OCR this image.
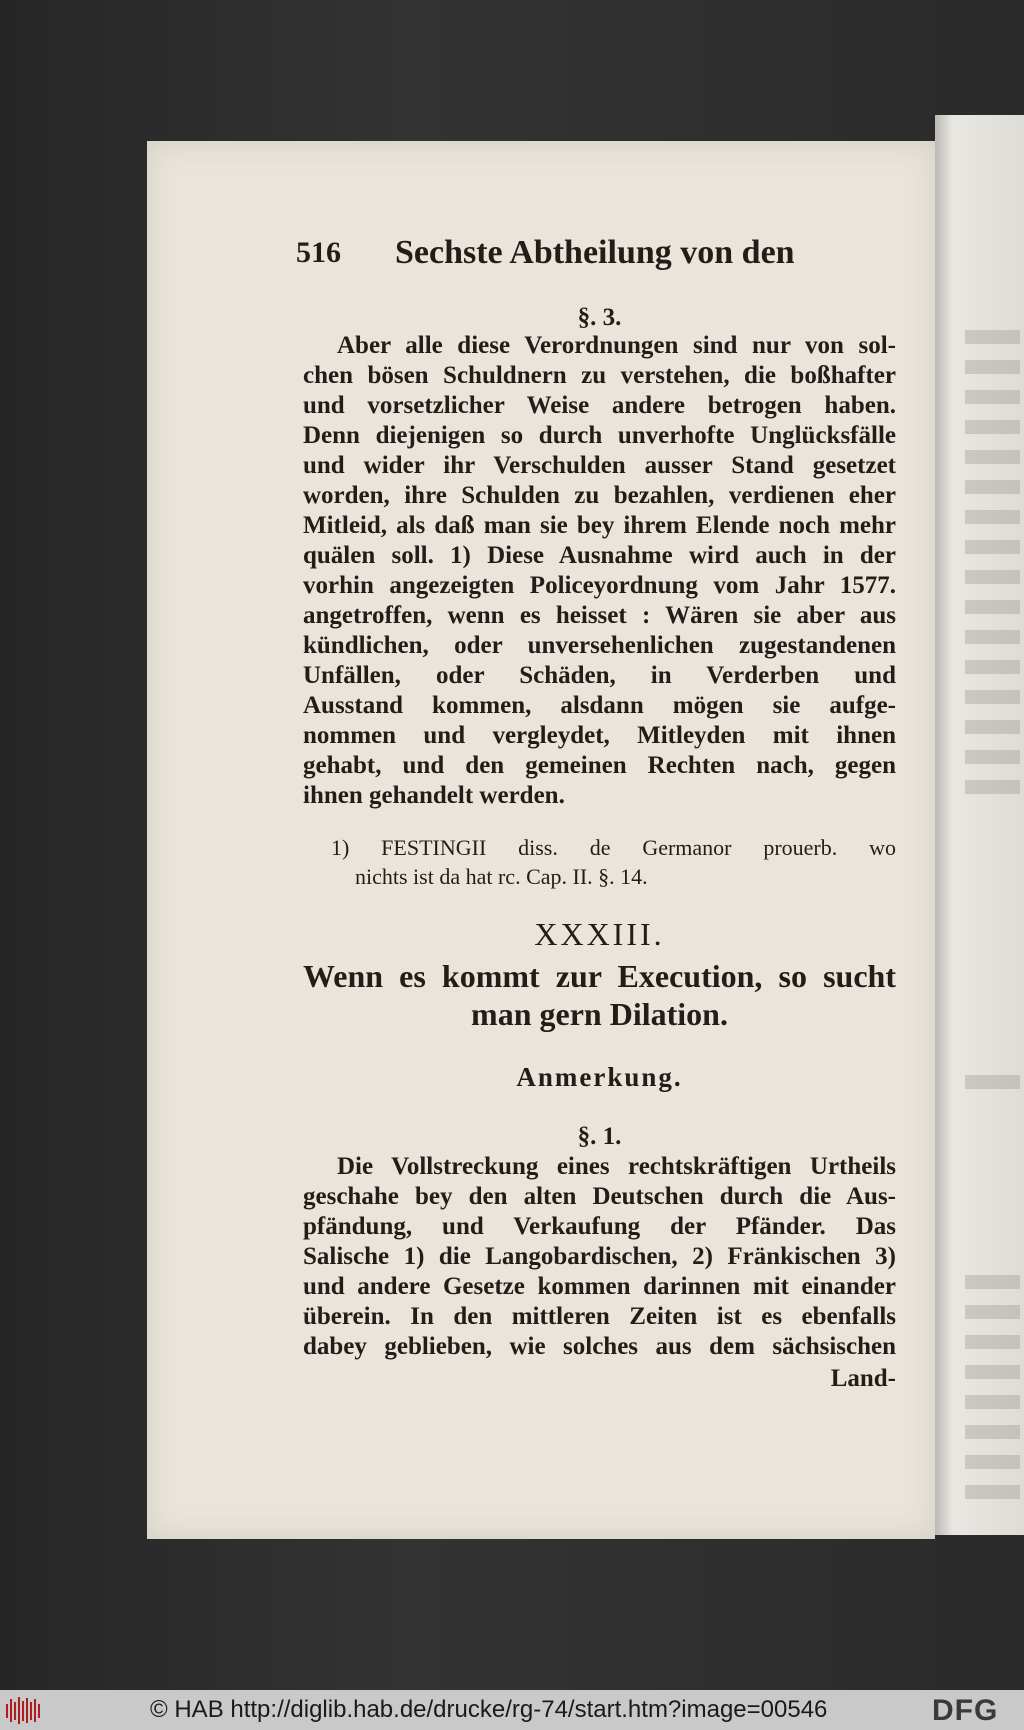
516 Sechste Abtheilung von den
§. 3.
Aber alle diese Verordnungen sind nur von sol-
chen bösen Schuldnern zu verstehen, die boßhafter
und vorsetzlicher Weise andere betrogen haben.
Denn diejenigen so durch unverhofte Unglücksfälle
und wider ihr Verschulden ausser Stand gesetzet
worden, ihre Schulden zu bezahlen, verdienen eher
Mitleid, als daß man sie bey ihrem Elende noch mehr
quälen soll. 1) Diese Ausnahme wird auch in der
vorhin angezeigten Policeyordnung vom Jahr 1577.
angetroffen, wenn es heisset : Wären sie aber aus
kündlichen, oder unversehenlichen zugestandenen
Unfällen, oder Schäden, in Verderben und
Ausstand kommen, alsdann mögen sie aufge-
nommen und vergleydet, Mitleyden mit ihnen
gehabt, und den gemeinen Rechten nach, gegen
ihnen gehandelt werden.
1) FESTINGII diss. de Germanor prouerb. wo
nichts ist da hat rc. Cap. II. §. 14.
XXXIII.
Wenn es kommt zur Execution, so sucht
man gern Dilation.
Anmerkung.
§. 1.
Die Vollstreckung eines rechtskräftigen Urtheils
geschahe bey den alten Deutschen durch die Aus-
pfändung, und Verkaufung der Pfänder. Das
Salische 1) die Langobardischen, 2) Fränkischen 3)
und andere Gesetze kommen darinnen mit einander
überein. In den mittleren Zeiten ist es ebenfalls
dabey geblieben, wie solches aus dem sächsischen
Land-
© HAB http://diglib.hab.de/drucke/rg-74/start.htm?image=00546	DFG
